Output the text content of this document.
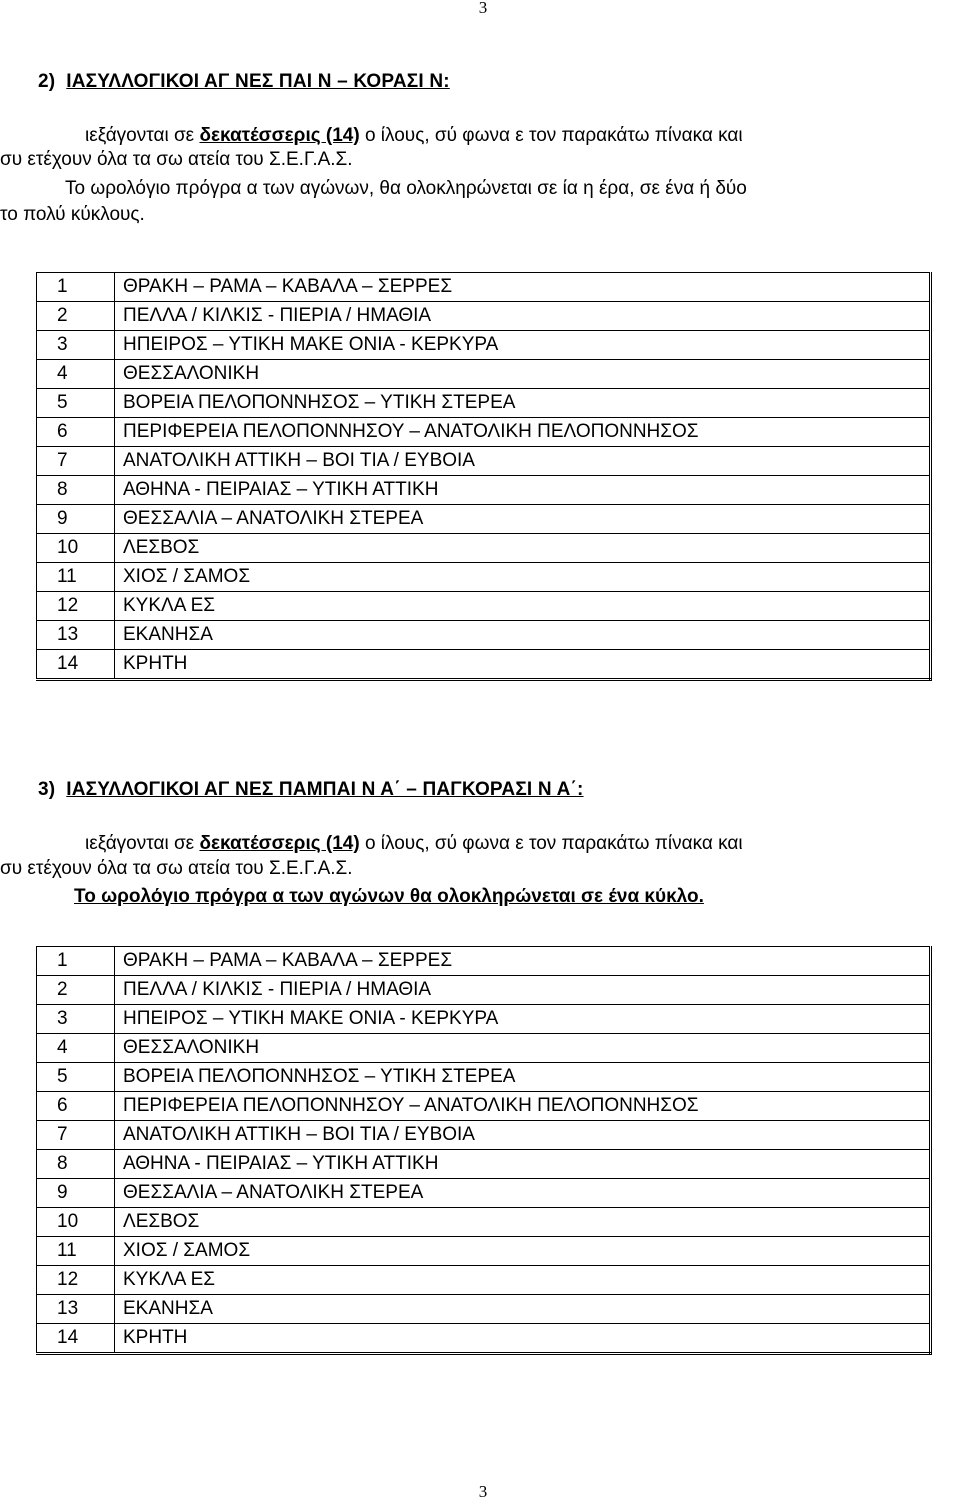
3
2) ΙΑΣΥΛΛΟΓΙΚΟΙ ΑΓ ΝΕΣ ΠΑΙ Ν – ΚΟΡΑΣΙ Ν:
ιεξάγονται σε δεκατέσσερις (14) ο ίλους, σύ φωνα ε τον παρακάτω πίνακα και
συ ετέχουν όλα τα σω ατεία του Σ.Ε.Γ.Α.Σ.
Το ωρολόγιο πρόγρα α των αγώνων, θα ολοκληρώνεται σε ία η έρα, σε ένα ή δύο
το πολύ κύκλους.
1	ΘΡΑΚΗ – ΡΑΜΑ – ΚΑΒΑΛΑ – ΣΕΡΡΕΣ
2	ΠΕΛΛΑ / ΚΙΛΚΙΣ - ΠΙΕΡΙΑ / ΗΜΑΘΙΑ
3	ΗΠΕΙΡΟΣ – ΥΤΙΚΗ ΜΑΚΕ ΟΝΙΑ - ΚΕΡΚΥΡΑ
4	ΘΕΣΣΑΛΟΝΙΚΗ
5	ΒΟΡΕΙΑ ΠΕΛΟΠΟΝΝΗΣΟΣ – ΥΤΙΚΗ ΣΤΕΡΕΑ
6	ΠΕΡΙΦΕΡΕΙΑ ΠΕΛΟΠΟΝΝΗΣΟΥ – ΑΝΑΤΟΛΙΚΗ ΠΕΛΟΠΟΝΝΗΣΟΣ
7	ΑΝΑΤΟΛΙΚΗ ΑΤΤΙΚΗ – ΒΟΙ ΤΙΑ / ΕΥΒΟΙΑ
8	ΑΘΗΝΑ - ΠΕΙΡΑΙΑΣ – ΥΤΙΚΗ ΑΤΤΙΚΗ
9	ΘΕΣΣΑΛΙΑ – ΑΝΑΤΟΛΙΚΗ ΣΤΕΡΕΑ
10	ΛΕΣΒΟΣ
11	ΧΙΟΣ / ΣΑΜΟΣ
12	ΚΥΚΛΑ ΕΣ
13	ΕΚΑΝΗΣΑ
14	ΚΡΗΤΗ
3) ΙΑΣΥΛΛΟΓΙΚΟΙ ΑΓ ΝΕΣ ΠΑΜΠΑΙ Ν Α΄ – ΠΑΓΚΟΡΑΣΙ Ν Α΄:
ιεξάγονται σε δεκατέσσερις (14) ο ίλους, σύ φωνα ε τον παρακάτω πίνακα και
συ ετέχουν όλα τα σω ατεία του Σ.Ε.Γ.Α.Σ.
Το ωρολόγιο πρόγρα α των αγώνων θα ολοκληρώνεται σε ένα κύκλο.
1	ΘΡΑΚΗ – ΡΑΜΑ – ΚΑΒΑΛΑ – ΣΕΡΡΕΣ
2	ΠΕΛΛΑ / ΚΙΛΚΙΣ - ΠΙΕΡΙΑ / ΗΜΑΘΙΑ
3	ΗΠΕΙΡΟΣ – ΥΤΙΚΗ ΜΑΚΕ ΟΝΙΑ - ΚΕΡΚΥΡΑ
4	ΘΕΣΣΑΛΟΝΙΚΗ
5	ΒΟΡΕΙΑ ΠΕΛΟΠΟΝΝΗΣΟΣ – ΥΤΙΚΗ ΣΤΕΡΕΑ
6	ΠΕΡΙΦΕΡΕΙΑ ΠΕΛΟΠΟΝΝΗΣΟΥ – ΑΝΑΤΟΛΙΚΗ ΠΕΛΟΠΟΝΝΗΣΟΣ
7	ΑΝΑΤΟΛΙΚΗ ΑΤΤΙΚΗ – ΒΟΙ ΤΙΑ / ΕΥΒΟΙΑ
8	ΑΘΗΝΑ - ΠΕΙΡΑΙΑΣ – ΥΤΙΚΗ ΑΤΤΙΚΗ
9	ΘΕΣΣΑΛΙΑ – ΑΝΑΤΟΛΙΚΗ ΣΤΕΡΕΑ
10	ΛΕΣΒΟΣ
11	ΧΙΟΣ / ΣΑΜΟΣ
12	ΚΥΚΛΑ ΕΣ
13	ΕΚΑΝΗΣΑ
14	ΚΡΗΤΗ
3
